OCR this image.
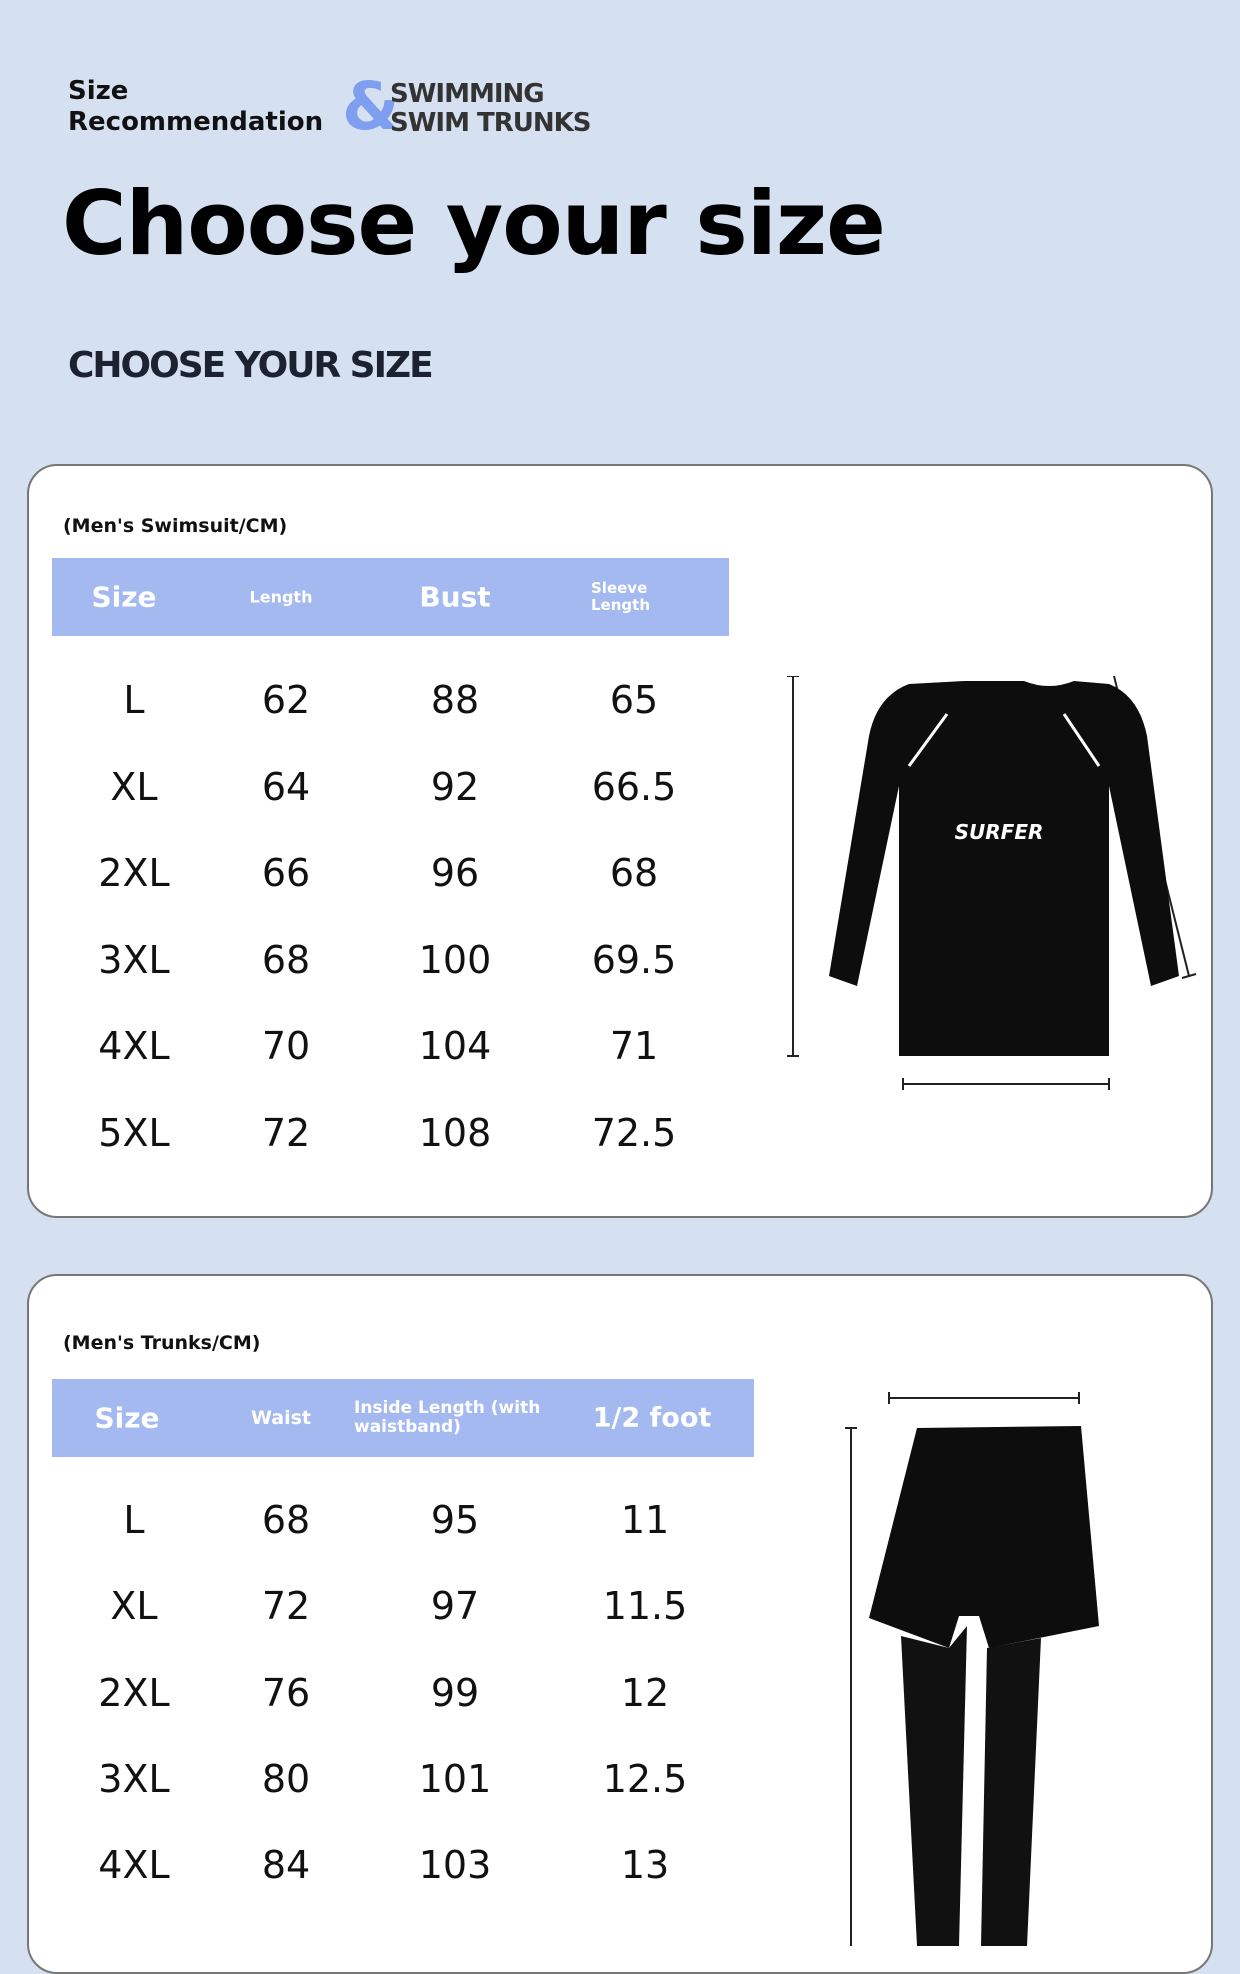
Size
Recommendation &
SWIMMING
SWIM TRUNKS
Choose your size
CHOOSE YOUR SIZE
(Men's Swimsuit/CM)
Size	Length	Bust	Sleeve Length
L	62	88	65
XL	64	92	66.5
2XL 66	96	68
3XL 68	100	69.5
4XL 70	104	71
5XL 72	108	72.5
SURFER
(Men's Trunks/CM)
Size	Waist	Inside Length (with waistband)	1/2 foot
L	68	95	11
XL	72	97	11.5
2XL 76	99	12
3XL 80	101	12.5
4XL 84	103	13
